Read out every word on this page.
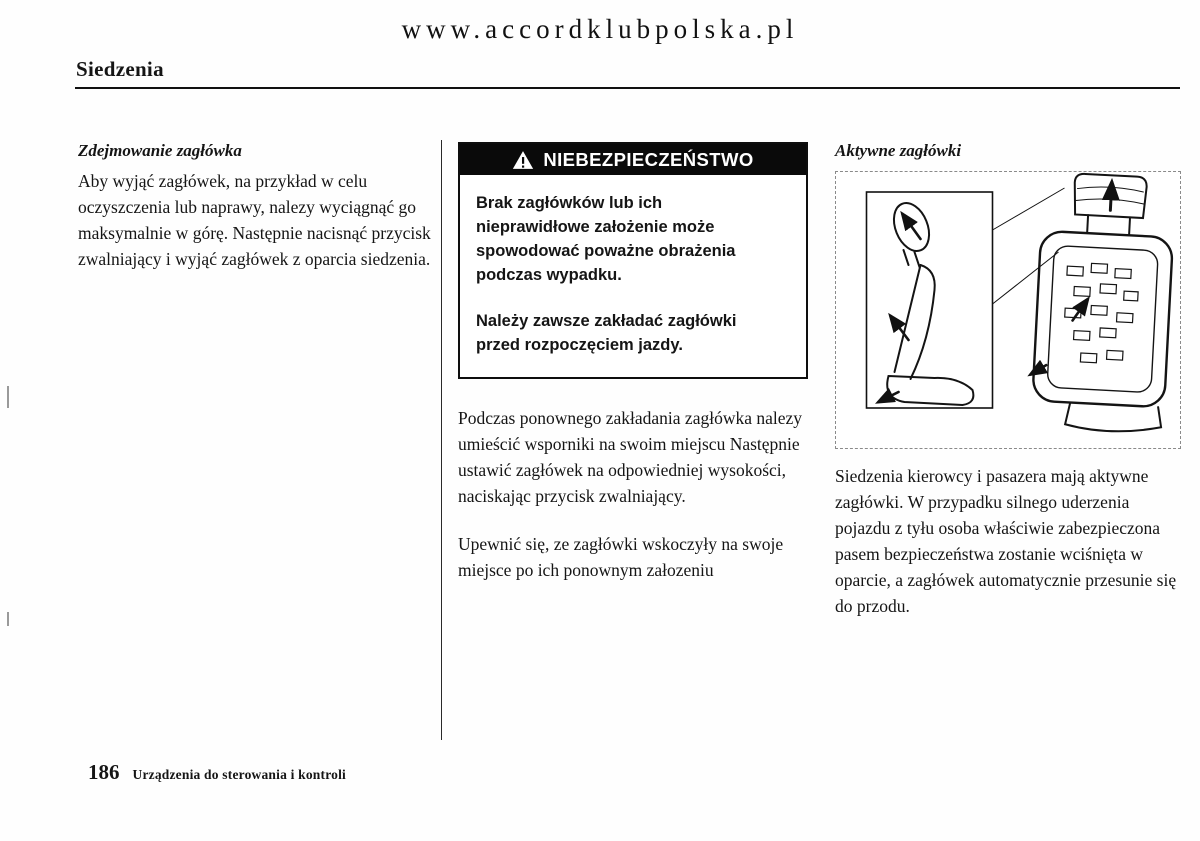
www.accordklubpolska.pl
Siedzenia
Zdejmowanie zagłówka

Aby wyjąć zagłówek, na przykład w celu oczyszczenia lub naprawy, nalezy wyciągnąć go maksymalnie w górę. Następnie nacisnąć przycisk zwalniający i wyjąć zagłówek z oparcia siedzenia.

NIEBEZPIECZEŃSTWO

Brak zagłówków lub ich nieprawidłowe założenie może spowodować poważne obrażenia podczas wypadku.

Należy zawsze zakładać zagłówki przed rozpoczęciem jazdy.

Podczas ponownego zakładania zagłówka nalezy umieścić wsporniki na swoim miejscu Następnie ustawić zagłówek na odpowiedniej wysokości, naciskając przycisk zwalniający.

Upewnić się, ze zagłówki wskoczyły na swoje miejsce po ich ponownym załozeniu

Aktywne zagłówki

Siedzenia kierowcy i pasazera mają aktywne zagłówki. W przypadku silnego uderzenia pojazdu z tyłu osoba właściwie zabezpieczona pasem bezpieczeństwa zostanie wciśnięta w oparcie, a zagłówek automatycznie przesunie się do przodu.

186 Urządzenia do sterowania i kontroli
